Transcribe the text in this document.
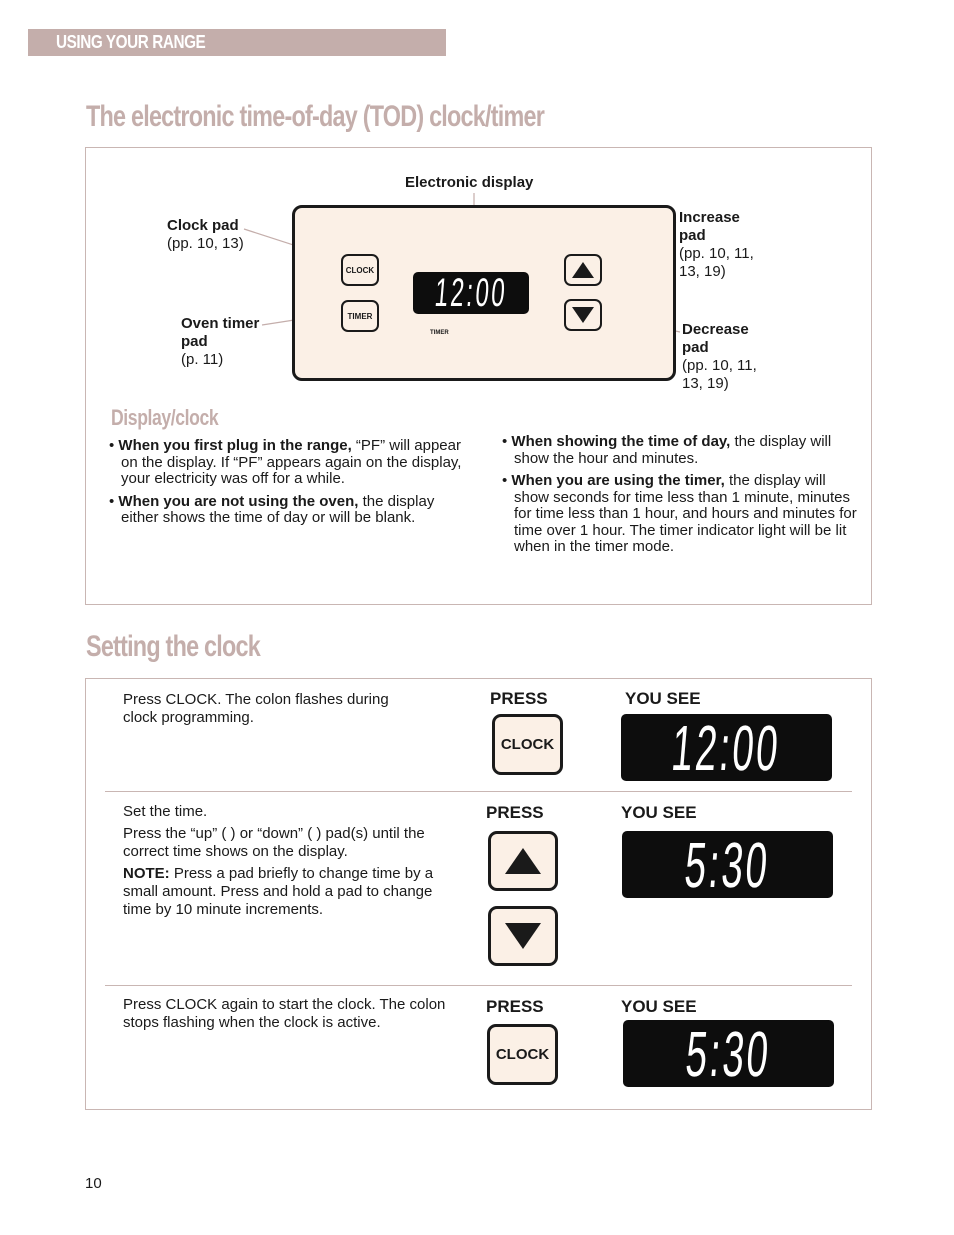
USING YOUR RANGE
The electronic time-of-day (TOD) clock/timer
Electronic display
Clock pad
(pp. 10, 13)
Oven timer
pad
(p. 11)
Increase
pad
(pp. 10, 11,
13, 19)
Decrease
pad
(pp. 10, 11,
13, 19)
CLOCK
TIMER
12:00
TIMER
Display/clock

• When you first plug in the range, “PF” will appear on the display. If “PF” appears again on the display, your electricity was off for a while.

• When you are not using the oven, the display either shows the time of day or will be blank.

• When showing the time of day, the display will show the hour and minutes.

• When you are using the timer, the display will show seconds for time less than 1 minute, minutes for time less than 1 hour, and hours and minutes for time over 1 hour. The timer indicator light will be lit when in the timer mode.

Setting the clock

Press CLOCK. The colon flashes during clock programming.

PRESS	YOU SEE
CLOCK 12:00

Set the time.

Press the “up” ( ) or “down” ( ) pad(s) until the correct time shows on the display.

NOTE: Press a pad briefly to change time by a small amount. Press and hold a pad to change time by 10 minute increments.

PRESS	YOU SEE
5:30

Press CLOCK again to start the clock. The colon stops flashing when the clock is active.

PRESS	YOU SEE
CLOCK 5:30
10
